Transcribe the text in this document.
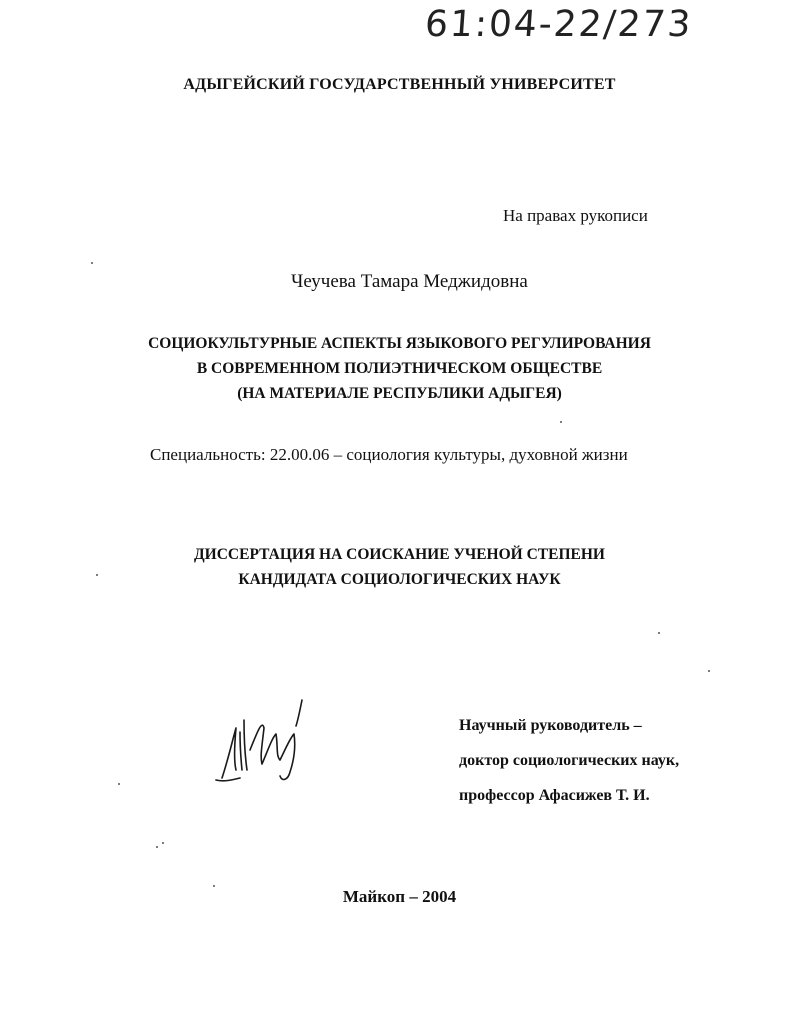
61:04-22/273
АДЫГЕЙСКИЙ ГОСУДАРСТВЕННЫЙ УНИВЕРСИТЕТ
На правах рукописи
Чеучева Тамара Меджидовна
СОЦИОКУЛЬТУРНЫЕ АСПЕКТЫ ЯЗЫКОВОГО РЕГУЛИРОВАНИЯ
В СОВРЕМЕННОМ ПОЛИЭТНИЧЕСКОМ ОБЩЕСТВЕ
(НА МАТЕРИАЛЕ РЕСПУБЛИКИ АДЫГЕЯ)
Специальность: 22.00.06 – социология культуры, духовной жизни
ДИССЕРТАЦИЯ НА СОИСКАНИЕ УЧЕНОЙ СТЕПЕНИ
КАНДИДАТА СОЦИОЛОГИЧЕСКИХ НАУК
Научный руководитель –
доктор социологических наук,
профессор Афасижев Т. И.
Майкоп – 2004
